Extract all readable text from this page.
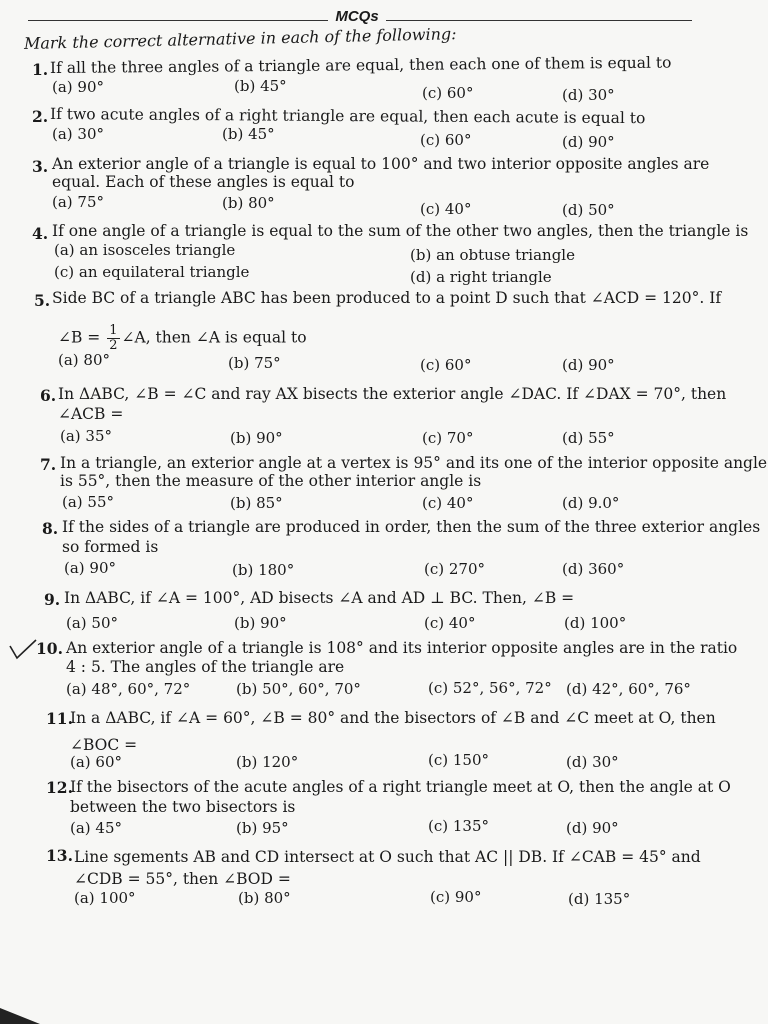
MCQs
Mark the correct alternative in each of the following:
1. If all the three angles of a triangle are equal, then each one of them is equal to
(a) 90°	(b) 45°	(c) 60°	(d) 30°
2. If two acute angles of a right triangle are equal, then each acute is equal to
(a) 30°	(b) 45°	(c) 60°	(d) 90°
3. An exterior angle of a triangle is equal to 100° and two interior opposite angles are
equal. Each of these angles is equal to
(a) 75°	(b) 80°	(c) 40°	(d) 50°
4. If one angle of a triangle is equal to the sum of the other two angles, then the triangle is
(a) an isosceles triangle	(b) an obtuse triangle
(c) an equilateral triangle	(d) a right triangle
5. Side BC of a triangle ABC has been produced to a point D such that ∠ACD = 120°. If
∠B = $\frac{1}{2}$ ∠A, then ∠A is equal to
(a) 80°	(b) 75°	(c) 60°	(d) 90°
6. In ΔABC, ∠B = ∠C and ray AX bisects the exterior angle ∠DAC. If ∠DAX = 70°, then
∠ACB =
(a) 35°	(b) 90°	(c) 70°	(d) 55°
7. In a triangle, an exterior angle at a vertex is 95° and its one of the interior opposite angle
is 55°, then the measure of the other interior angle is
(a) 55°	(b) 85°	(c) 40°	(d) 9.0°
8. If the sides of a triangle are produced in order, then the sum of the three exterior angles
so formed is
(a) 90°	(b) 180°	(c) 270°	(d) 360°
9. In ΔABC, if ∠A = 100°, AD bisects ∠A and AD ⊥ BC. Then, ∠B =
(a) 50°	(b) 90°	(c) 40°	(d) 100°
10. An exterior angle of a triangle is 108° and its interior opposite angles are in the ratio
4 : 5. The angles of the triangle are
(a) 48°, 60°, 72°	(b) 50°, 60°, 70°	(c) 52°, 56°, 72° (d) 42°, 60°, 76°
11.
In a ΔABC, if ∠A = 60°, ∠B = 80° and the bisectors of ∠B and ∠C meet at O, then
∠BOC =
(a) 60°	(b) 120°	(c) 150°	(d) 30°
12.
If the bisectors of the acute angles of a right triangle meet at O, then the angle at O
between the two bisectors is
(a) 45°	(b) 95°	(c) 135°	(d) 90°
13. Line sgements AB and CD intersect at O such that AC || DB. If ∠CAB = 45° and
∠CDB = 55°, then ∠BOD =
(a) 100°	(b) 80°	(c) 90°	(d) 135°
